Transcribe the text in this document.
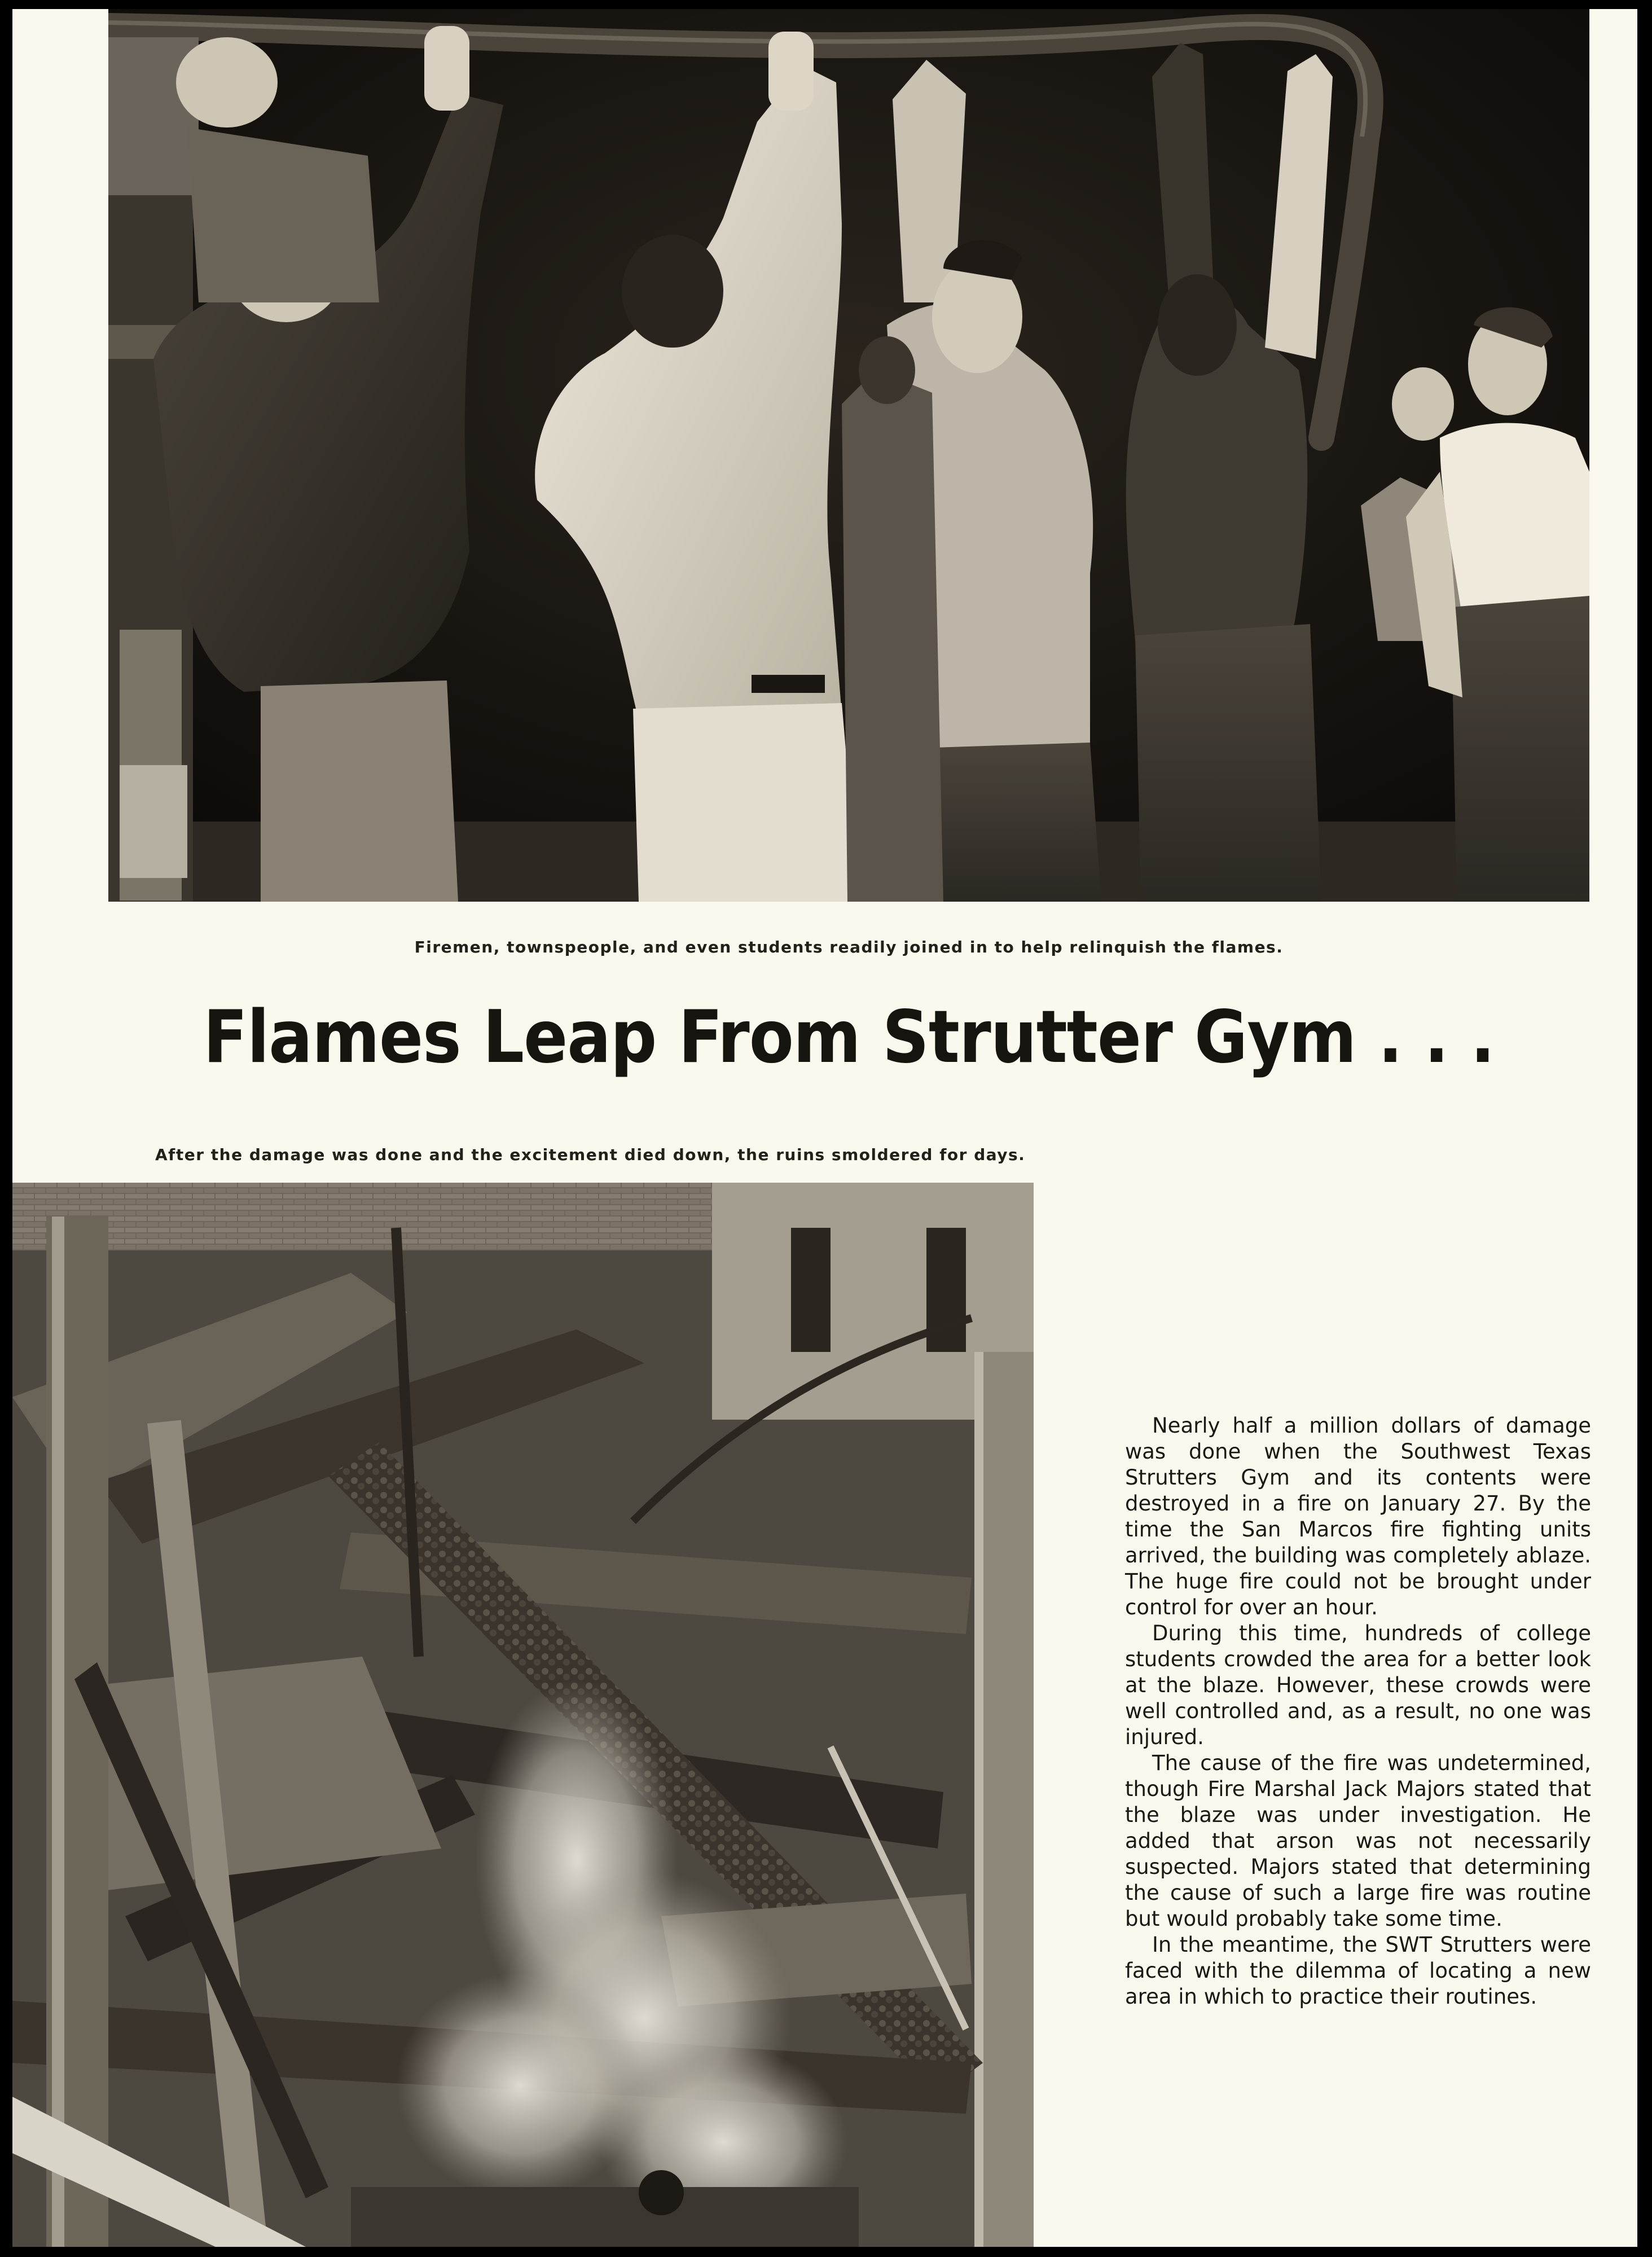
Firemen, townspeople, and even students readily joined in to help relinquish the flames.
Flames Leap From Strutter Gym . . .
After the damage was done and the excitement died down, the ruins smoldered for days.

Nearly half a million dollars of damage was done when the Southwest Texas Strutters Gym and its contents were destroyed in a fire on January 27. By the time the San Marcos fire fighting units arrived, the building was completely ablaze. The huge fire could not be brought under control for over an hour.

During this time, hundreds of college students crowded the area for a better look at the blaze. However, these crowds were well controlled and, as a result, no one was injured.

The cause of the fire was undetermined, though Fire Marshal Jack Majors stated that the blaze was under investigation. He added that arson was not necessarily suspected. Majors stated that determining the cause of such a large fire was routine but would probably take some time.

In the meantime, the SWT Strutters were faced with the dilemma of locating a new area in which to practice their routines.
